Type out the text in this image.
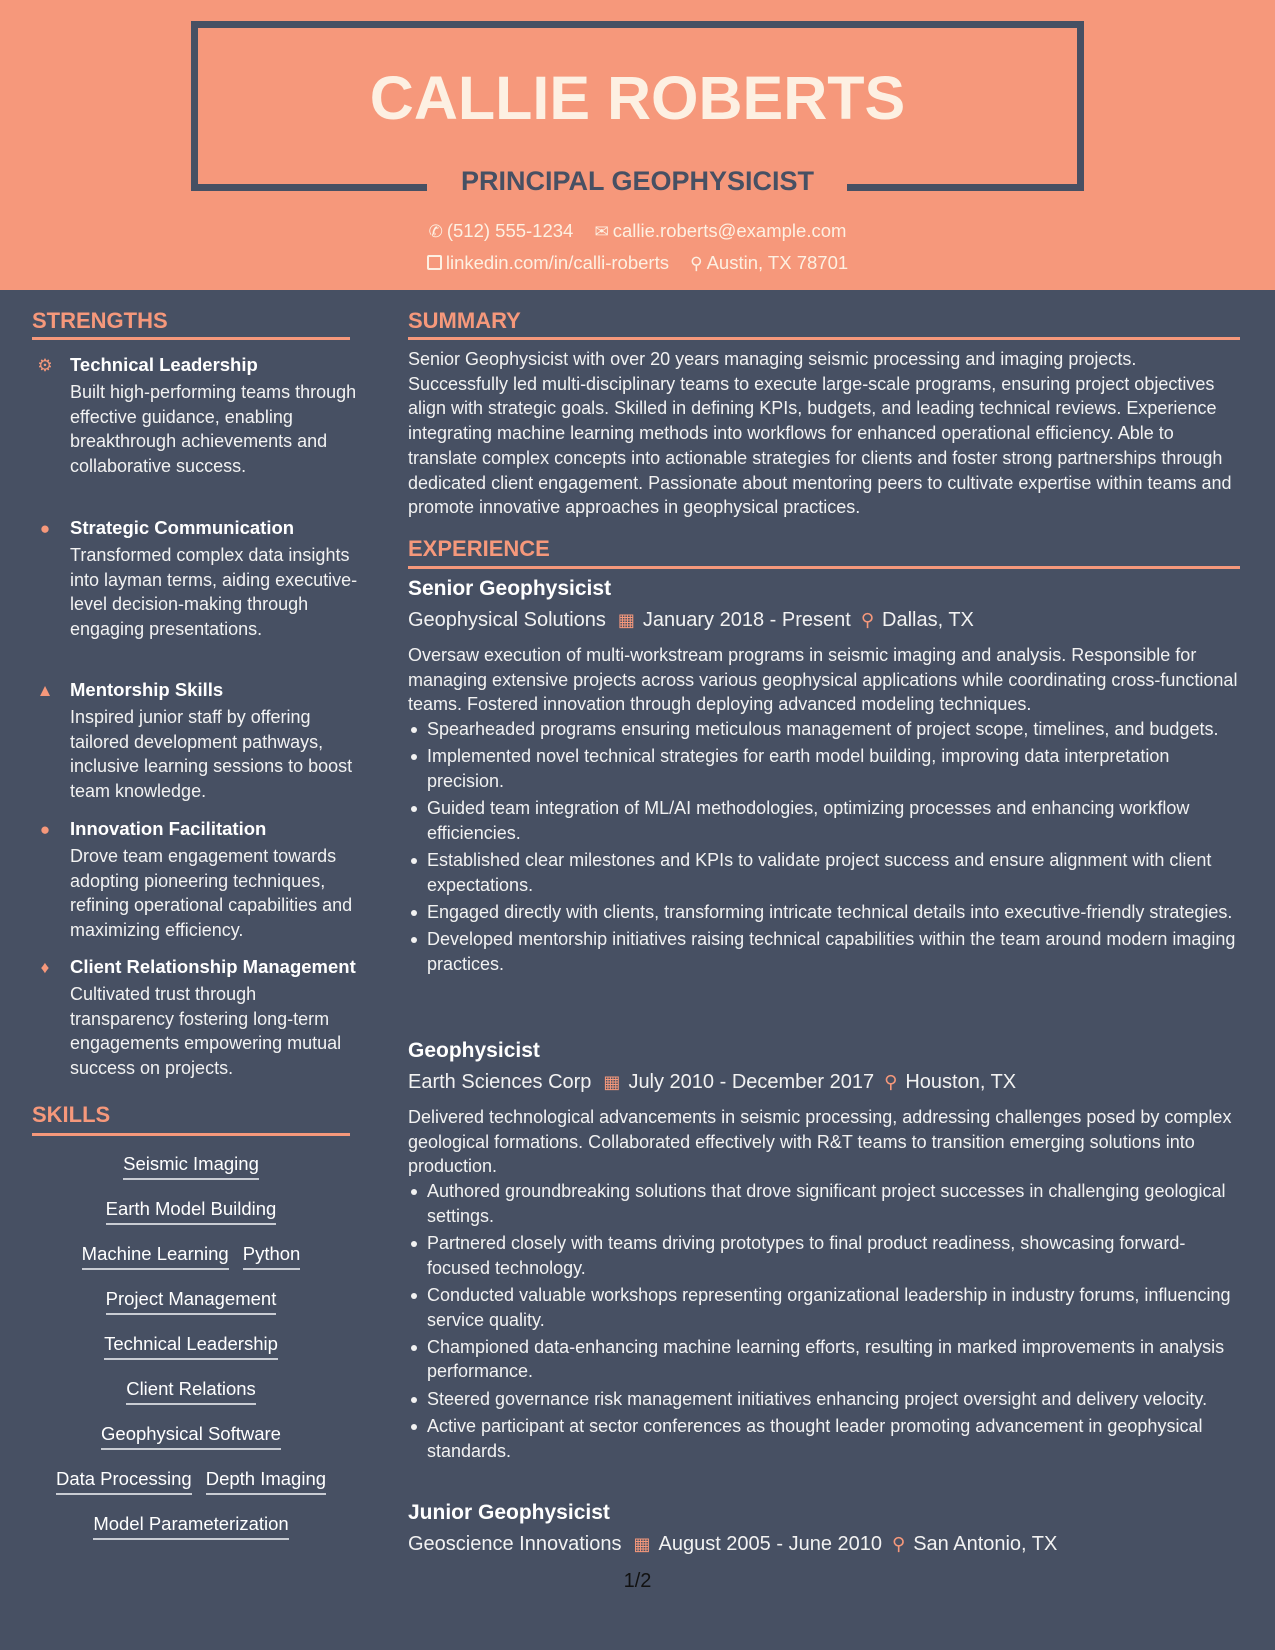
CALLIE ROBERTS
PRINCIPAL GEOPHYSICIST
✆ (512) 555-1234 ✉ callie.roberts@example.com
linkedin.com/in/calli-roberts ⚲ Austin, TX 78701
STRENGTHS
⚙ Technical Leadership
Built high-performing teams through effective guidance, enabling breakthrough achievements and collaborative success.
●	Strategic Communication
Transformed complex data insights into layman terms, aiding executive-level decision-making through engaging presentations.
▲ Mentorship Skills
Inspired junior staff by offering tailored development pathways, inclusive learning sessions to boost team knowledge.
●	Innovation Facilitation
Drove team engagement towards adopting pioneering techniques, refining operational capabilities and maximizing efficiency.
♦	Client Relationship Management
Cultivated trust through transparency fostering long-term engagements empowering mutual success on projects.
SKILLS
Seismic Imaging
Earth Model Building
Machine Learning Python
Project Management
Technical Leadership
Client Relations
Geophysical Software
Data Processing Depth Imaging
Model Parameterization
SUMMARY
Senior Geophysicist with over 20 years managing seismic processing and imaging projects. Successfully led multi-disciplinary teams to execute large-scale programs, ensuring project objectives align with strategic goals. Skilled in defining KPIs, budgets, and leading technical reviews. Experience integrating machine learning methods into workflows for enhanced operational efficiency. Able to translate complex concepts into actionable strategies for clients and foster strong partnerships through dedicated client engagement. Passionate about mentoring peers to cultivate expertise within teams and promote innovative approaches in geophysical practices.
EXPERIENCE
Senior Geophysicist
Geophysical Solutions ▦ January 2018 - Present ⚲ Dallas, TX
Oversaw execution of multi-workstream programs in seismic imaging and analysis. Responsible for managing extensive projects across various geophysical applications while coordinating cross-functional teams. Fostered innovation through deploying advanced modeling techniques.
Spearheaded programs ensuring meticulous management of project scope, timelines, and budgets.
Implemented novel technical strategies for earth model building, improving data interpretation precision.
Guided team integration of ML/AI methodologies, optimizing processes and enhancing workflow efficiencies.
Established clear milestones and KPIs to validate project success and ensure alignment with client expectations.
Engaged directly with clients, transforming intricate technical details into executive-friendly strategies.
Developed mentorship initiatives raising technical capabilities within the team around modern imaging practices.
Geophysicist
Earth Sciences Corp ▦ July 2010 - December 2017 ⚲ Houston, TX
Delivered technological advancements in seismic processing, addressing challenges posed by complex geological formations. Collaborated effectively with R&T teams to transition emerging solutions into production.
Authored groundbreaking solutions that drove significant project successes in challenging geological settings.
Partnered closely with teams driving prototypes to final product readiness, showcasing forward-focused technology.
Conducted valuable workshops representing organizational leadership in industry forums, influencing service quality.
Championed data-enhancing machine learning efforts, resulting in marked improvements in analysis performance.
Steered governance risk management initiatives enhancing project oversight and delivery velocity.
Active participant at sector conferences as thought leader promoting advancement in geophysical standards.
Junior Geophysicist
Geoscience Innovations ▦ August 2005 - June 2010 ⚲ San Antonio, TX
1/2
